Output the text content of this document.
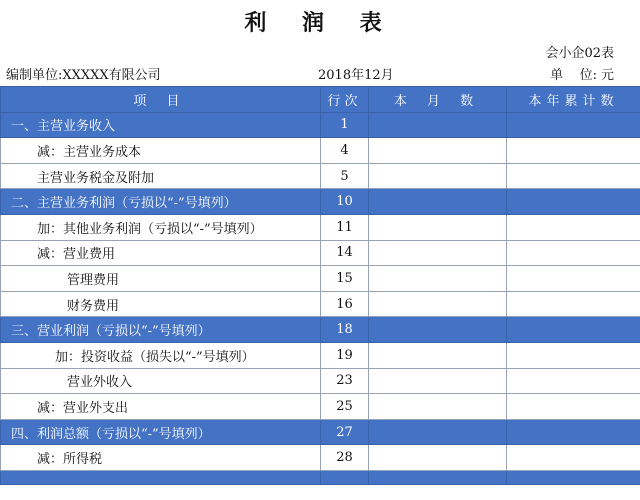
利 润 表
会小企02表
编制单位:XXXXX有限公司	2018年12月	单    位: 元
项 目	行次	本 月 数	本年累计数
一、主营业务收入	1		
减：主营业务成本	4		
主营业务税金及附加	5		
二、主营业务利润（亏损以“-”号填列）	10		
加：其他业务利润（亏损以“-”号填列）	11		
减：营业费用	14		
管理费用	15		
财务费用	16		
三、营业利润（亏损以“-”号填列）	18		
加：投资收益（损失以“-”号填列）	19		
营业外收入	23		
减：营业外支出	25		
四、利润总额（亏损以“-”号填列）	27		
减：所得税	28		
